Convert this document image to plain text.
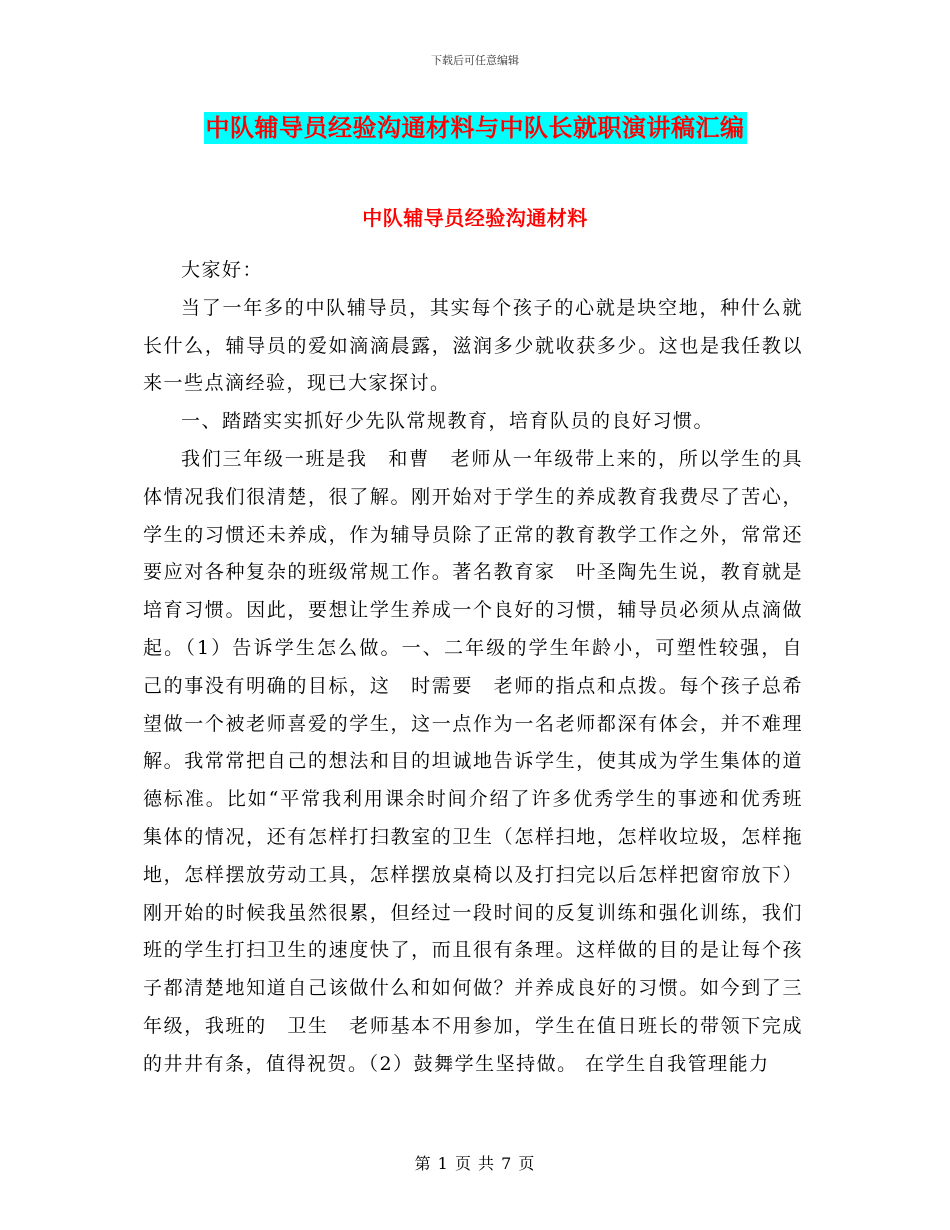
下载后可任意编辑
中队辅导员经验沟通材料与中队长就职演讲稿汇编
中队辅导员经验沟通材料

大家好：

当了一年多的中队辅导员，其实每个孩子的心就是块空地，种什么就长什么，辅导员的爱如滴滴晨露，滋润多少就收获多少。这也是我任教以来一些点滴经验，现已大家探讨。

一、踏踏实实抓好少先队常规教育，培育队员的良好习惯。

我们三年级一班是我　和曹　老师从一年级带上来的，所以学生的具体情况我们很清楚，很了解。刚开始对于学生的养成教育我费尽了苦心，学生的习惯还未养成，作为辅导员除了正常的教育教学工作之外，常常还要应对各种复杂的班级常规工作。著名教育家　叶圣陶先生说，教育就是培育习惯。因此，要想让学生养成一个良好的习惯，辅导员必须从点滴做起。（1）告诉学生怎么做。一、二年级的学生年龄小，可塑性较强，自己的事没有明确的目标，这　时需要　老师的指点和点拨。每个孩子总希望做一个被老师喜爱的学生，这一点作为一名老师都深有体会，并不难理解。我常常把自己的想法和目的坦诚地告诉学生，使其成为学生集体的道德标准。比如“平常我利用课余时间介绍了许多优秀学生的事迹和优秀班集体的情况，还有怎样打扫教室的卫生（怎样扫地，怎样收垃圾，怎样拖地，怎样摆放劳动工具，怎样摆放桌椅以及打扫完以后怎样把窗帘放下）刚开始的时候我虽然很累，但经过一段时间的反复训练和强化训练，我们班的学生打扫卫生的速度快了，而且很有条理。这样做的目的是让每个孩子都清楚地知道自己该做什么和如何做？并养成良好的习惯。如今到了三年级，我班的　卫生　老师基本不用参加，学生在值日班长的带领下完成的井井有条，值得祝贺。（2）鼓舞学生坚持做。 在学生自我管理能力

第 1 页 共 7 页
